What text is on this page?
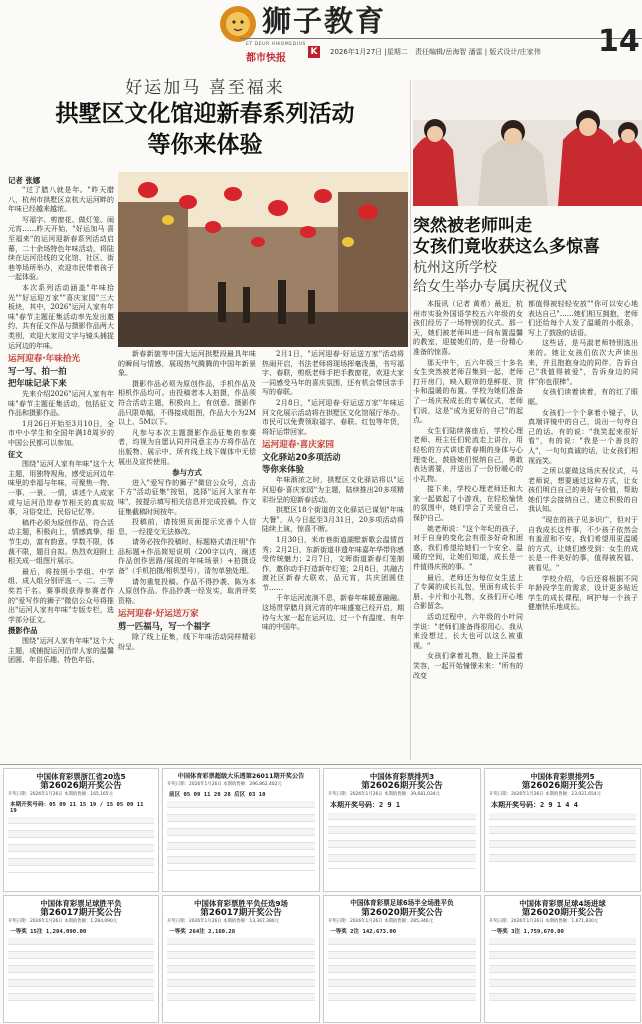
狮子教育
ET DEUR HIKOMEDIUS
都市快报
K	2026年1月27日 |星期二 责任编辑/岳海智 潘雷 | 版式设计/庄家伟 14
好运加马 喜至福来
拱墅区文化馆迎新春系列活动
等你来体验
记者 张娜

"过了腊八就是年。"昨天腊八，杭州市拱墅区京杭大运河畔的年味已经越来越浓。

写福字、剪窗花、做灯笼、闹元宵……昨天开始，"好运加马 喜至福来"的运河迎新春系列活动启幕，二十余场特色年味活动，将陆续在运河沿线的文化馆、社区、街巷等场所举办，欢迎市民带着孩子一起体验。

本次系列活动涵盖"年味拾光""好运迎万家""喜庆家园"三大板块，其中，2026"运河人家有年味"春节主题征集活动率先发出邀约，共有征文作品与摄影作品两大类别，欢迎大家用文字与镜头捕捉运河边的年味。

运河迎春·年味拾光

写一写、拍一拍

把年味记录下来

先来介绍2026"运河人家有年味"春节主题征集活动，包括征文作品和摄影作品。

1月26日开始至3月10日，全市中小学生和全国年满18周岁的中国公民都可以参加。

征文

围绕"运河人家有年味"这个大主题，用独特视角，感受运河边年味里的幸福与年味，可聚焦一物、一事、一景、一情，讲述个人成家或与运河沿岸春节相关的真实故事，习俗变迁、民俗记忆等。

稿件必须为原创作品，符合活动主题，积极向上，情感真挚，细节生动，富有韵意。学数不限，体裁不限，题目自拟。热烈欢迎附上相关成一组图片展示。

最后，将按照小学组、中学组、成人组分别评选一、二、三等奖若干名。赛事级获得参赛者作的"爱写作的狮子"微信公众号将推出"运河人家有年味"专版专栏，选学部分征文。

摄影作品

围绕"运河人家有年味"这个大主题，或捕捉运河沿岸人家的温馨团圆、年俗乐趣、特色年俗、

新春新貌等中国大运河拱墅段最具年味的瞬间与情感，展现热气腾腾的中国年新景象。

摄影作品必须为原创作品，手机作品及相机作品均可。由投稿者本人拍摄，作品须符合活动主题，积极向上，有创意。摄影作品只限单幅，不得接成组图，作品大小为2M以上、5M以下。

凡参与本次主题摄影作品征集的参赛者，均视为自愿认同并同意主办方将作品在出版物、展示中、所有线上线下媒体中无偿展出及宣传使用。

参与方式

进入"爱写作的狮子"微信公众号，点击下方"活动征集"按钮，选择"运河人家有年味"，按提示填写相关信息并完成投稿。作文征集截稿时间按年。

投稿前，请按照页面提示完善个人信息，一经提交无法修改。

请务必按作投稿时，标题格式请注明"作品标题+作品简短说明（200字以内，阐述作品创作思路/展现的年味场景）+拍摄设备"（手机拍摄/相机型号），清勿单独处理。

请勿重复投稿。作品不得抄袭、陈为本人原创作品。作品抄袭一经发实，取消评奖资格。

运河迎春·好运送万家

剪一匹福马，写一个福字

除了线上征集，线下年味活动同样精彩纷呈。

2月1日，"运河迎春·好运送万家"活动将热闹开启，书法老师将现场挥毫泼墨，书写福字、春联，剪纸老师手把手教窗花，欢迎大家一同感受马年的喜庆氛围，还有机会带回亲手写的春联。

2月8日，"运河迎春·好运送万家"年味运河文化展示活动将在拱墅区文化馆展厅举办。市民可以免费领取福字、春联、红包等年货，将好运带回家。

运河迎春·喜庆家园

文化驿站20多项活动

等你来体验

年味渐浓之时，拱墅区文化驿站将以"运河迎春·喜庆家园"为主题，陆续推出20多项精彩纷呈的迎新春活动。

拱墅区18个街道的文化驿站已谋划"年味大餐"，从今日起至3月31日，20多项活动将陆续上演，惊喜不断。

1月30日，米市巷街道湖墅新歌会温情首秀；2月2日，东新街道非遗年味嘉年华带你感受传统魅力；2月7日，文晖街道新春灯笼制作，邀你动手打造新年灯笼；2月8日，共融古渡社区新春大联欢，品元宵，共庆团圆佳节……

千年运河流淌不息，新春年味暖意融融。这场贯穿腊月到元宵的年味盛宴已经开启，期待与大家一起在运河边，过一个有温度、有年味的中国年。

突然被老师叫走
女孩们竟收获这么多惊喜
杭州这所学校
给女生举办专属庆祝仪式

本报讯（记者 黄希）最近，杭州市实验外国语学校五六年级的女孩们经历了一场特别的仪式。那一天，她们被老师叫进一间布置温馨的教室，迎接她们的，是一份精心准备的惊喜。

那天中午，五六年级三十多名女生突然被老师召集到一起，老师打开房门，映入眼帘的是鲜花、贺卡和温暖的布置。学校为她们准备了一场庆祝成长的专属仪式，老师们说，这是"成为更好的自己"的起点。

女生们陆续落座后，学校心理老师、班主任们轮流走上讲台，用轻松的方式讲述青春期的身体与心理变化，鼓励她们悦纳自己，勇敢表达需要，并送出了一份份暖心的小礼物。

接下来，学校心理老师还和大家一起做起了小游戏，在轻松愉快的氛围中，她们学会了关爱自己、保护自己。

姚老师说："这个年纪的孩子，对于自身的变化会有很多好奇和困惑，我们希望给她们一个安全、温暖的空间，让她们知道，成长是一件值得庆祝的事。"

最后，老师还为每位女生送上了专属的成长礼包，里面有成长手册、卡片和小礼物，女孩们开心地合影留念。

活动过程中，六年级的小叶同学说："老师们准备得很用心，我从来没想过，长大也可以这么被重视。"

女孩们拿着礼物，脸上洋溢着笑容，一起开始憧憬未来："所有的改变

都值得被轻轻安放""你可以安心地表达自己"……她们相互拥抱，老师们还给每个人发了温暖的小纸条，写上了鼓励的话语。

这些话，是马淑老师特别选出来的。她让女孩们依次大声读出来，并且抱抱身边的同伴，告诉自己"我值得被爱"，告诉身边的同伴"你也很棒"。

女孩们读着读着，有的红了眼眶。

女孩们一个个拿着小镜子，认真端详镜中的自己，说出一句夸自己的话。有的说："我笑起来很好看"，有的说："我是一个善良的人"，一句句真诚的话，让女孩们相视而笑。

之所以要做这场庆祝仪式，马老师说，想要通过这种方式，让女孩们明白自己的美好与价值，帮助她们学会接纳自己，建立积极的自我认知。

"现在的孩子见多识广，但对于自我成长这件事，不少孩子依然会有羞涩和不安，我们希望用更温暖的方式，让她们感受到：女生的成长是一件美好的事，值得被祝福、被看见。"

学校介绍，今后还将根据不同年龄段学生的需求，设计更多贴近学生的成长课程，呵护每一个孩子健康快乐地成长。

中国体育彩票浙江省20选5
第26026期开奖公告
开奖日期：2026年1月26日 本期销售额：165,165元
本期开奖号码：05 09 11 15 19 / 15 05 09 11 19
中国体育彩票超级大乐透第26011期开奖公告
开奖日期：2026年1月26日 本期销售额：296,862,402元
前区 05 09 11 20 28 后区 03 10
中国体育彩票排列3
第26026期开奖公告
开奖日期：2026年1月26日 本期销售额：39,681,034元
本期开奖号码：2 9 1
中国体育彩票排列5
第26026期开奖公告
开奖日期：2026年1月26日 本期销售额：23,921,654元
本期开奖号码：2 9 1 4 4
中国体育彩票足球胜平负
第26017期开奖公告
开奖日期：2026年1月26日 本期销售额：1,284,090元
一等奖 15注 1,284,090.00
中国体育彩票胜平负任选9场
第26017期开奖公告
开奖日期：2026年1月26日 本期销售额：13,367,380元
一等奖 264注 2,160.28
中国体育彩票足球6场半全场胜平负
第26020期开奖公告
开奖日期：2026年1月26日 本期销售额：285,346元
一等奖 2注 142,673.00
中国体育彩票足球4场进球
第26020期开奖公告
开奖日期：2026年1月26日 本期销售额：1,671,830元
一等奖 3注 1,759,670.00
